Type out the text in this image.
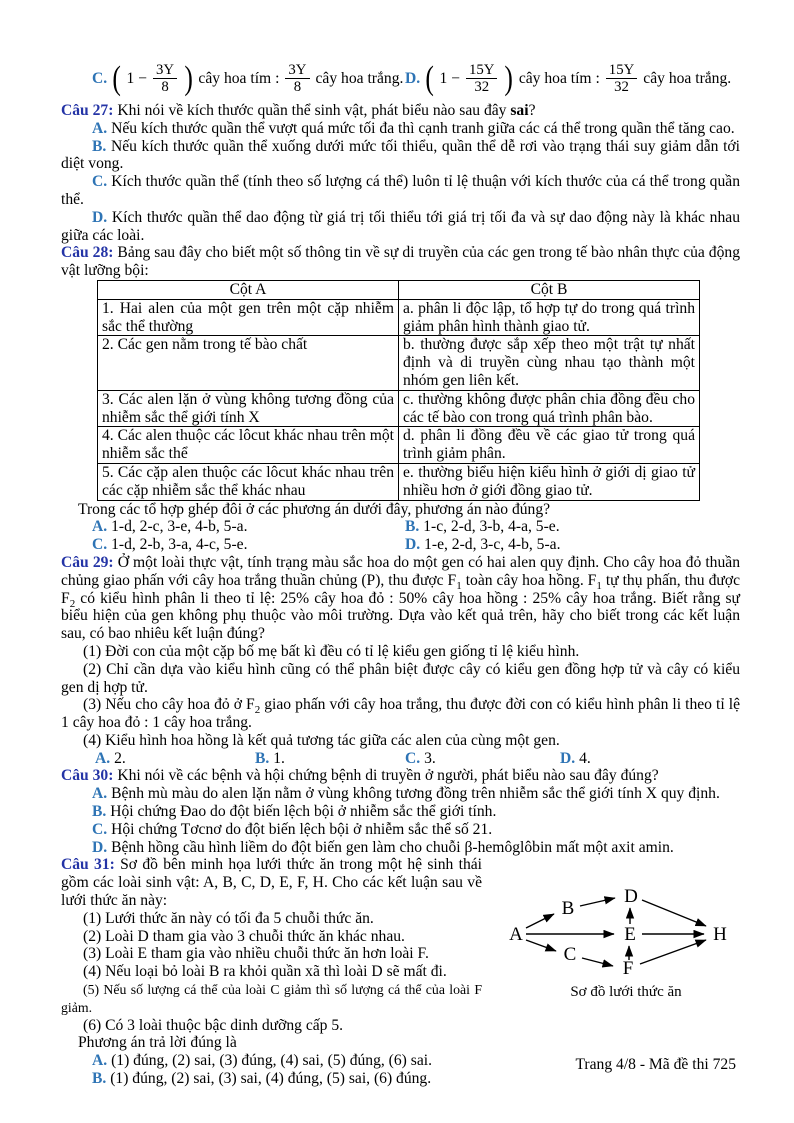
C. ( $1 - \frac{3Y}{8}$ ) cây hoa tím : $\frac{3Y}{8}$ cây hoa trắng. D. ( $1 - \frac{15Y}{32}$ ) cây hoa tím : $\frac{15Y}{32}$ cây hoa trắng.

Câu 27: Khi nói về kích thước quần thể sinh vật, phát biểu nào sau đây sai?

A. Nếu kích thước quần thể vượt quá mức tối đa thì cạnh tranh giữa các cá thể trong quần thể tăng cao.

B. Nếu kích thước quần thể xuống dưới mức tối thiểu, quần thể dễ rơi vào trạng thái suy giảm dẫn tới diệt vong.

C. Kích thước quần thể (tính theo số lượng cá thể) luôn tỉ lệ thuận với kích thước của cá thể trong quần thể.

D. Kích thước quần thể dao động từ giá trị tối thiểu tới giá trị tối đa và sự dao động này là khác nhau giữa các loài.

Câu 28: Bảng sau đây cho biết một số thông tin về sự di truyền của các gen trong tế bào nhân thực của động vật lưỡng bội:

Cột A	Cột B
1. Hai alen của một gen trên một cặp nhiễm sắc thể thường	a. phân li độc lập, tổ hợp tự do trong quá trình giảm phân hình thành giao tử.
2. Các gen nằm trong tế bào chất	b. thường được sắp xếp theo một trật tự nhất định và di truyền cùng nhau tạo thành một nhóm gen liên kết.
3. Các alen lặn ở vùng không tương đồng của nhiễm sắc thể giới tính X	c. thường không được phân chia đồng đều cho các tế bào con trong quá trình phân bào.
4. Các alen thuộc các lôcut khác nhau trên một nhiễm sắc thể	d. phân li đồng đều về các giao tử trong quá trình giảm phân.
5. Các cặp alen thuộc các lôcut khác nhau trên các cặp nhiễm sắc thể khác nhau	e. thường biểu hiện kiểu hình ở giới dị giao tử nhiều hơn ở giới đồng giao tử.

Trong các tổ hợp ghép đôi ở các phương án dưới đây, phương án nào đúng?

A. 1-d, 2-c, 3-e, 4-b, 5-a.	B. 1-c, 2-d, 3-b, 4-a, 5-e.
C. 1-d, 2-b, 3-a, 4-c, 5-e.	D. 1-e, 2-d, 3-c, 4-b, 5-a.

Câu 29: Ở một loài thực vật, tính trạng màu sắc hoa do một gen có hai alen quy định. Cho cây hoa đỏ thuần chủng giao phấn với cây hoa trắng thuần chủng (P), thu được $F_1$ toàn cây hoa hồng. $F_1$ tự thụ phấn, thu được $F_2$ có kiểu hình phân li theo tỉ lệ: 25% cây hoa đỏ : 50% cây hoa hồng : 25% cây hoa trắng. Biết rằng sự biểu hiện của gen không phụ thuộc vào môi trường. Dựa vào kết quả trên, hãy cho biết trong các kết luận sau, có bao nhiêu kết luận đúng?

(1) Đời con của một cặp bố mẹ bất kì đều có tỉ lệ kiểu gen giống tỉ lệ kiểu hình.

(2) Chỉ cần dựa vào kiểu hình cũng có thể phân biệt được cây có kiểu gen đồng hợp tử và cây có kiểu gen dị hợp tử.

(3) Nếu cho cây hoa đỏ ở $F_2$ giao phấn với cây hoa trắng, thu được đời con có kiểu hình phân li theo tỉ lệ 1 cây hoa đỏ : 1 cây hoa trắng.

(4) Kiểu hình hoa hồng là kết quả tương tác giữa các alen của cùng một gen.

A. 2.	B. 1.	C. 3.	D. 4.

Câu 30: Khi nói về các bệnh và hội chứng bệnh di truyền ở người, phát biểu nào sau đây đúng?

A. Bệnh mù màu do alen lặn nằm ở vùng không tương đồng trên nhiễm sắc thể giới tính X quy định.

B. Hội chứng Đao do đột biến lệch bội ở nhiễm sắc thể giới tính.

C. Hội chứng Tơcnơ do đột biến lệch bội ở nhiễm sắc thể số 21.

D. Bệnh hồng cầu hình liềm do đột biến gen làm cho chuỗi β-hemôglôbin mất một axit amin.

A
B
C
D
E
F
H
Sơ đồ lưới thức ăn

Câu 31: Sơ đồ bên minh họa lưới thức ăn trong một hệ sinh thái gồm các loài sinh vật: A, B, C, D, E, F, H. Cho các kết luận sau về lưới thức ăn này:

(1) Lưới thức ăn này có tối đa 5 chuỗi thức ăn.

(2) Loài D tham gia vào 3 chuỗi thức ăn khác nhau.

(3) Loài E tham gia vào nhiều chuỗi thức ăn hơn loài F.

(4) Nếu loại bỏ loài B ra khỏi quần xã thì loài D sẽ mất đi.

(5) Nếu số lượng cá thể của loài C giảm thì số lượng cá thể của loài F giảm.

(6) Có 3 loài thuộc bậc dinh dưỡng cấp 5.

Phương án trả lời đúng là

A. (1) đúng, (2) sai, (3) đúng, (4) sai, (5) đúng, (6) sai.

B. (1) đúng, (2) sai, (3) sai, (4) đúng, (5) sai, (6) đúng.

Trang 4/8 - Mã đề thi 725
